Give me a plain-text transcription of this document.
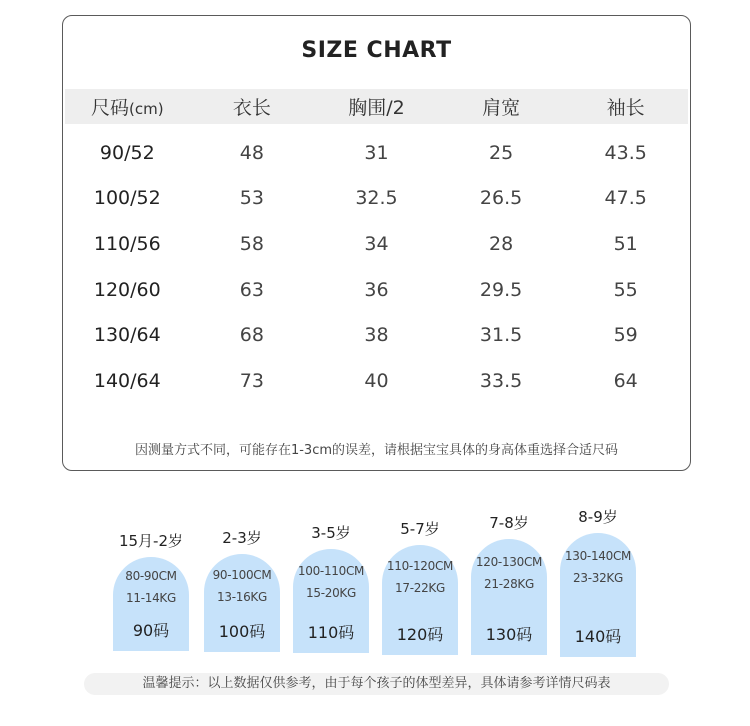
SIZE CHART
尺码(cm)	衣长	胸围/2	肩宽	袖长
90/52	48	31	25	43.5
100/52	53	32.5	26.5	47.5
110/56	58	34	28	51
120/60	63	36	29.5	55
130/64	68	38	31.5	59
140/64	73	40	33.5	64
因测量方式不同，可能存在1-3cm的误差，请根据宝宝具体的身高体重选择合适尺码
15月-2岁
80-90CM
11-14KG
90码
2-3岁
90-100CM
13-16KG
100码
3-5岁
100-110CM
15-20KG
110码
5-7岁
110-120CM
17-22KG
120码
7-8岁
120-130CM
21-28KG
130码
8-9岁
130-140CM
23-32KG
140码
温馨提示：以上数据仅供参考，由于每个孩子的体型差异，具体请参考详情尺码表
